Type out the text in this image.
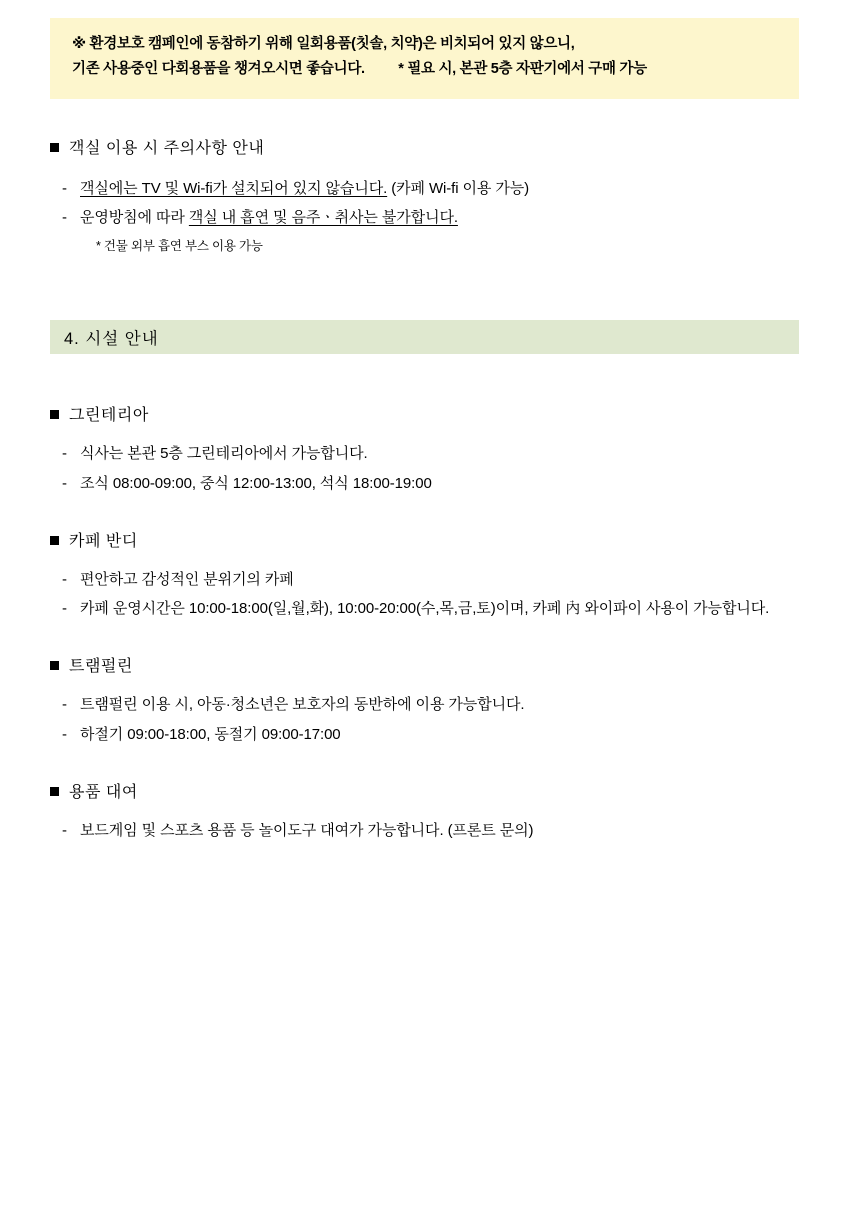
※ 환경보호 캠페인에 동참하기 위해 일회용품(칫솔, 치약)은 비치되어 있지 않으니,
기존 사용중인 다회용품을 챙겨오시면 좋습니다. * 필요 시, 본관 5층 자판기에서 구매 가능
객실 이용 시 주의사항 안내
- 객실에는 TV 및 Wi-fi가 설치되어 있지 않습니다. (카페 Wi-fi 이용 가능)
- 운영방침에 따라 객실 내 흡연 및 음주ㆍ취사는 불가합니다.
* 건물 외부 흡연 부스 이용 가능
4. 시설 안내
그린테리아
- 식사는 본관 5층 그린테리아에서 가능합니다.
- 조식 08:00-09:00, 중식 12:00-13:00, 석식 18:00-19:00
카페 반디
- 편안하고 감성적인 분위기의 카페
- 카페 운영시간은 10:00-18:00(일,월,화), 10:00-20:00(수,목,금,토)이며, 카페 內 와이파이 사용이 가능합니다.
트램펄린
- 트램펄린 이용 시, 아동·청소년은 보호자의 동반하에 이용 가능합니다.
- 하절기 09:00-18:00, 동절기 09:00-17:00
용품 대여
- 보드게임 및 스포츠 용품 등 놀이도구 대여가 가능합니다. (프론트 문의)
